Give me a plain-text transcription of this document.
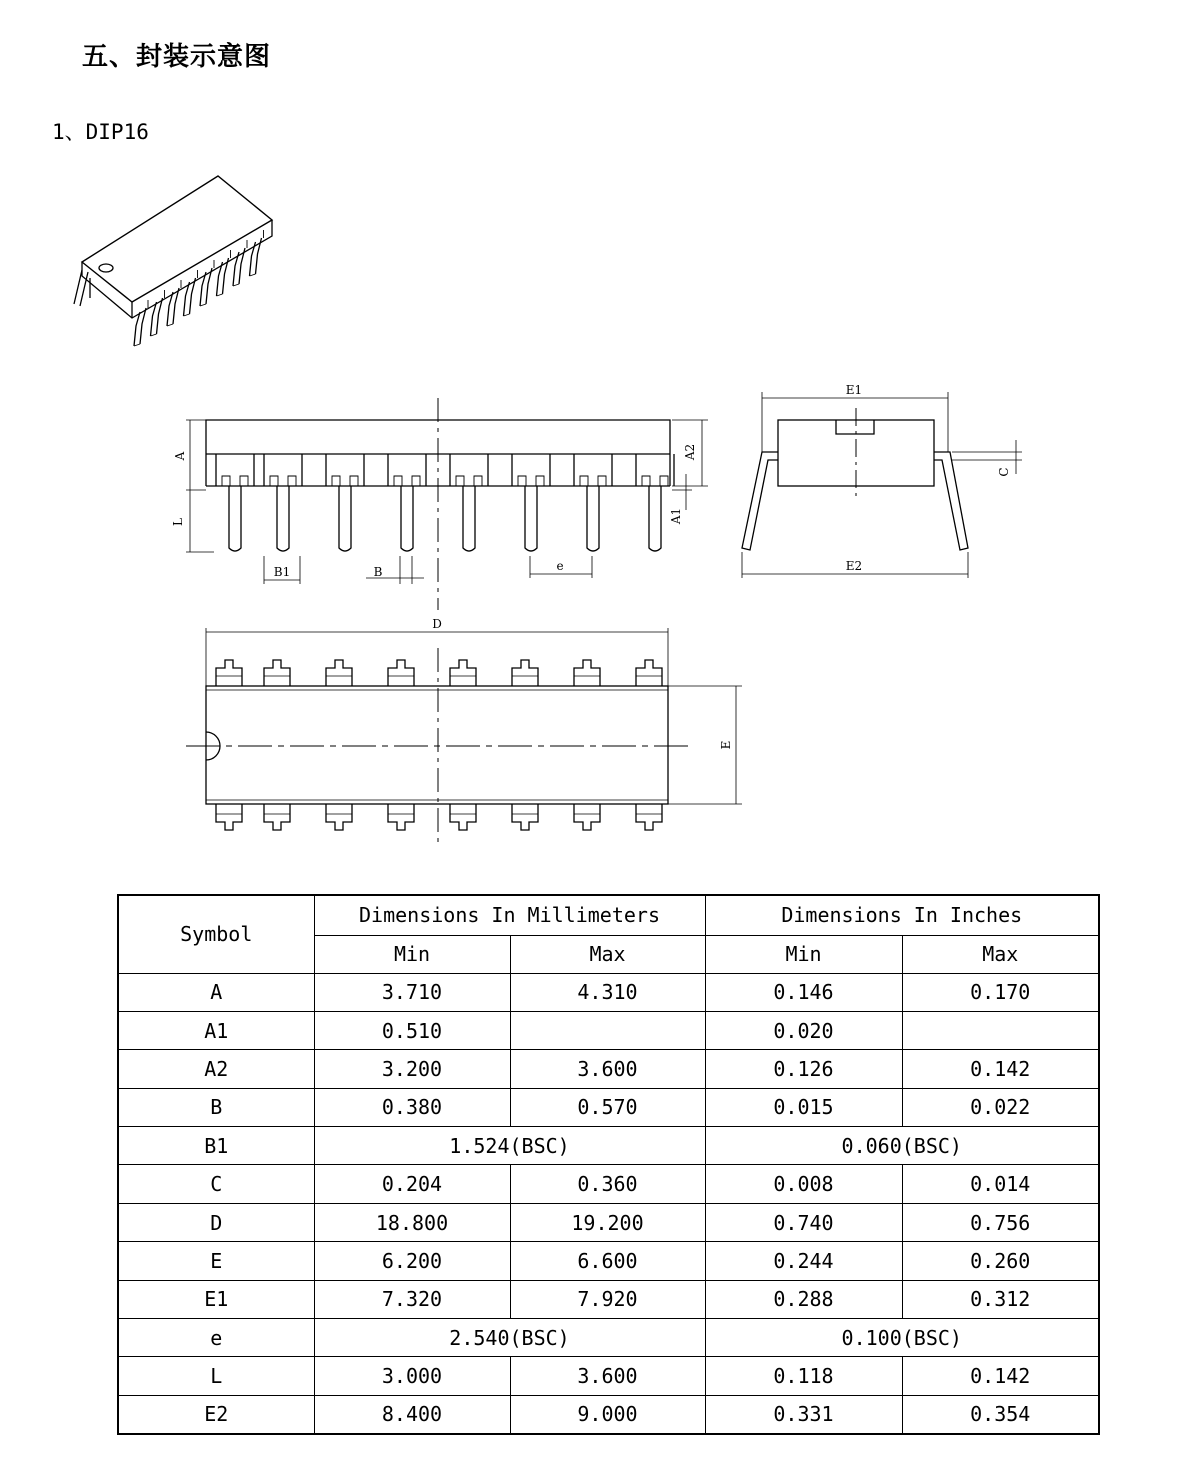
五、封装示意图
1、DIP16
A
L
A2
A1
B1	B	e
E1
C
E2
D
E
Symbol	Dimensions In Millimeters		Dimensions In Inches	
	Min	Max	Min	Max
A	3.710	4.310	0.146	0.170
A1	0.510		0.020	
A2	3.200	3.600	0.126	0.142
B	0.380	0.570	0.015	0.022
B1	1.524(BSC)		0.060(BSC)	
C	0.204	0.360	0.008	0.014
D	18.800	19.200	0.740	0.756
E	6.200	6.600	0.244	0.260
E1	7.320	7.920	0.288	0.312
e	2.540(BSC)		0.100(BSC)	
L	3.000	3.600	0.118	0.142
E2	8.400	9.000	0.331	0.354
